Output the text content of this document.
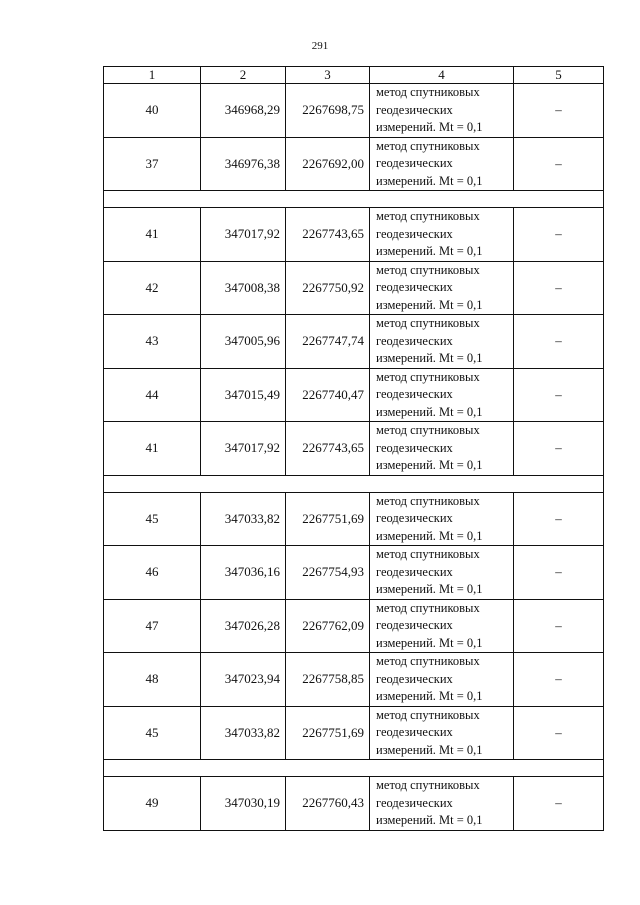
291
1	2	3	4	5
40	346968,29	2267698,75	метод спутниковых
геодезических
измерений. Mt = 0,1	–
37	346976,38	2267692,00	метод спутниковых
геодезических
измерений. Mt = 0,1	–

41	347017,92	2267743,65	метод спутниковых
геодезических
измерений. Mt = 0,1	–
42	347008,38	2267750,92	метод спутниковых
геодезических
измерений. Mt = 0,1	–
43	347005,96	2267747,74	метод спутниковых
геодезических
измерений. Mt = 0,1	–
44	347015,49	2267740,47	метод спутниковых
геодезических
измерений. Mt = 0,1	–
41	347017,92	2267743,65	метод спутниковых
геодезических
измерений. Mt = 0,1	–

45	347033,82	2267751,69	метод спутниковых
геодезических
измерений. Mt = 0,1	–
46	347036,16	2267754,93	метод спутниковых
геодезических
измерений. Mt = 0,1	–
47	347026,28	2267762,09	метод спутниковых
геодезических
измерений. Mt = 0,1	–
48	347023,94	2267758,85	метод спутниковых
геодезических
измерений. Mt = 0,1	–
45	347033,82	2267751,69	метод спутниковых
геодезических
измерений. Mt = 0,1	–

49	347030,19	2267760,43	метод спутниковых
геодезических
измерений. Mt = 0,1	–
